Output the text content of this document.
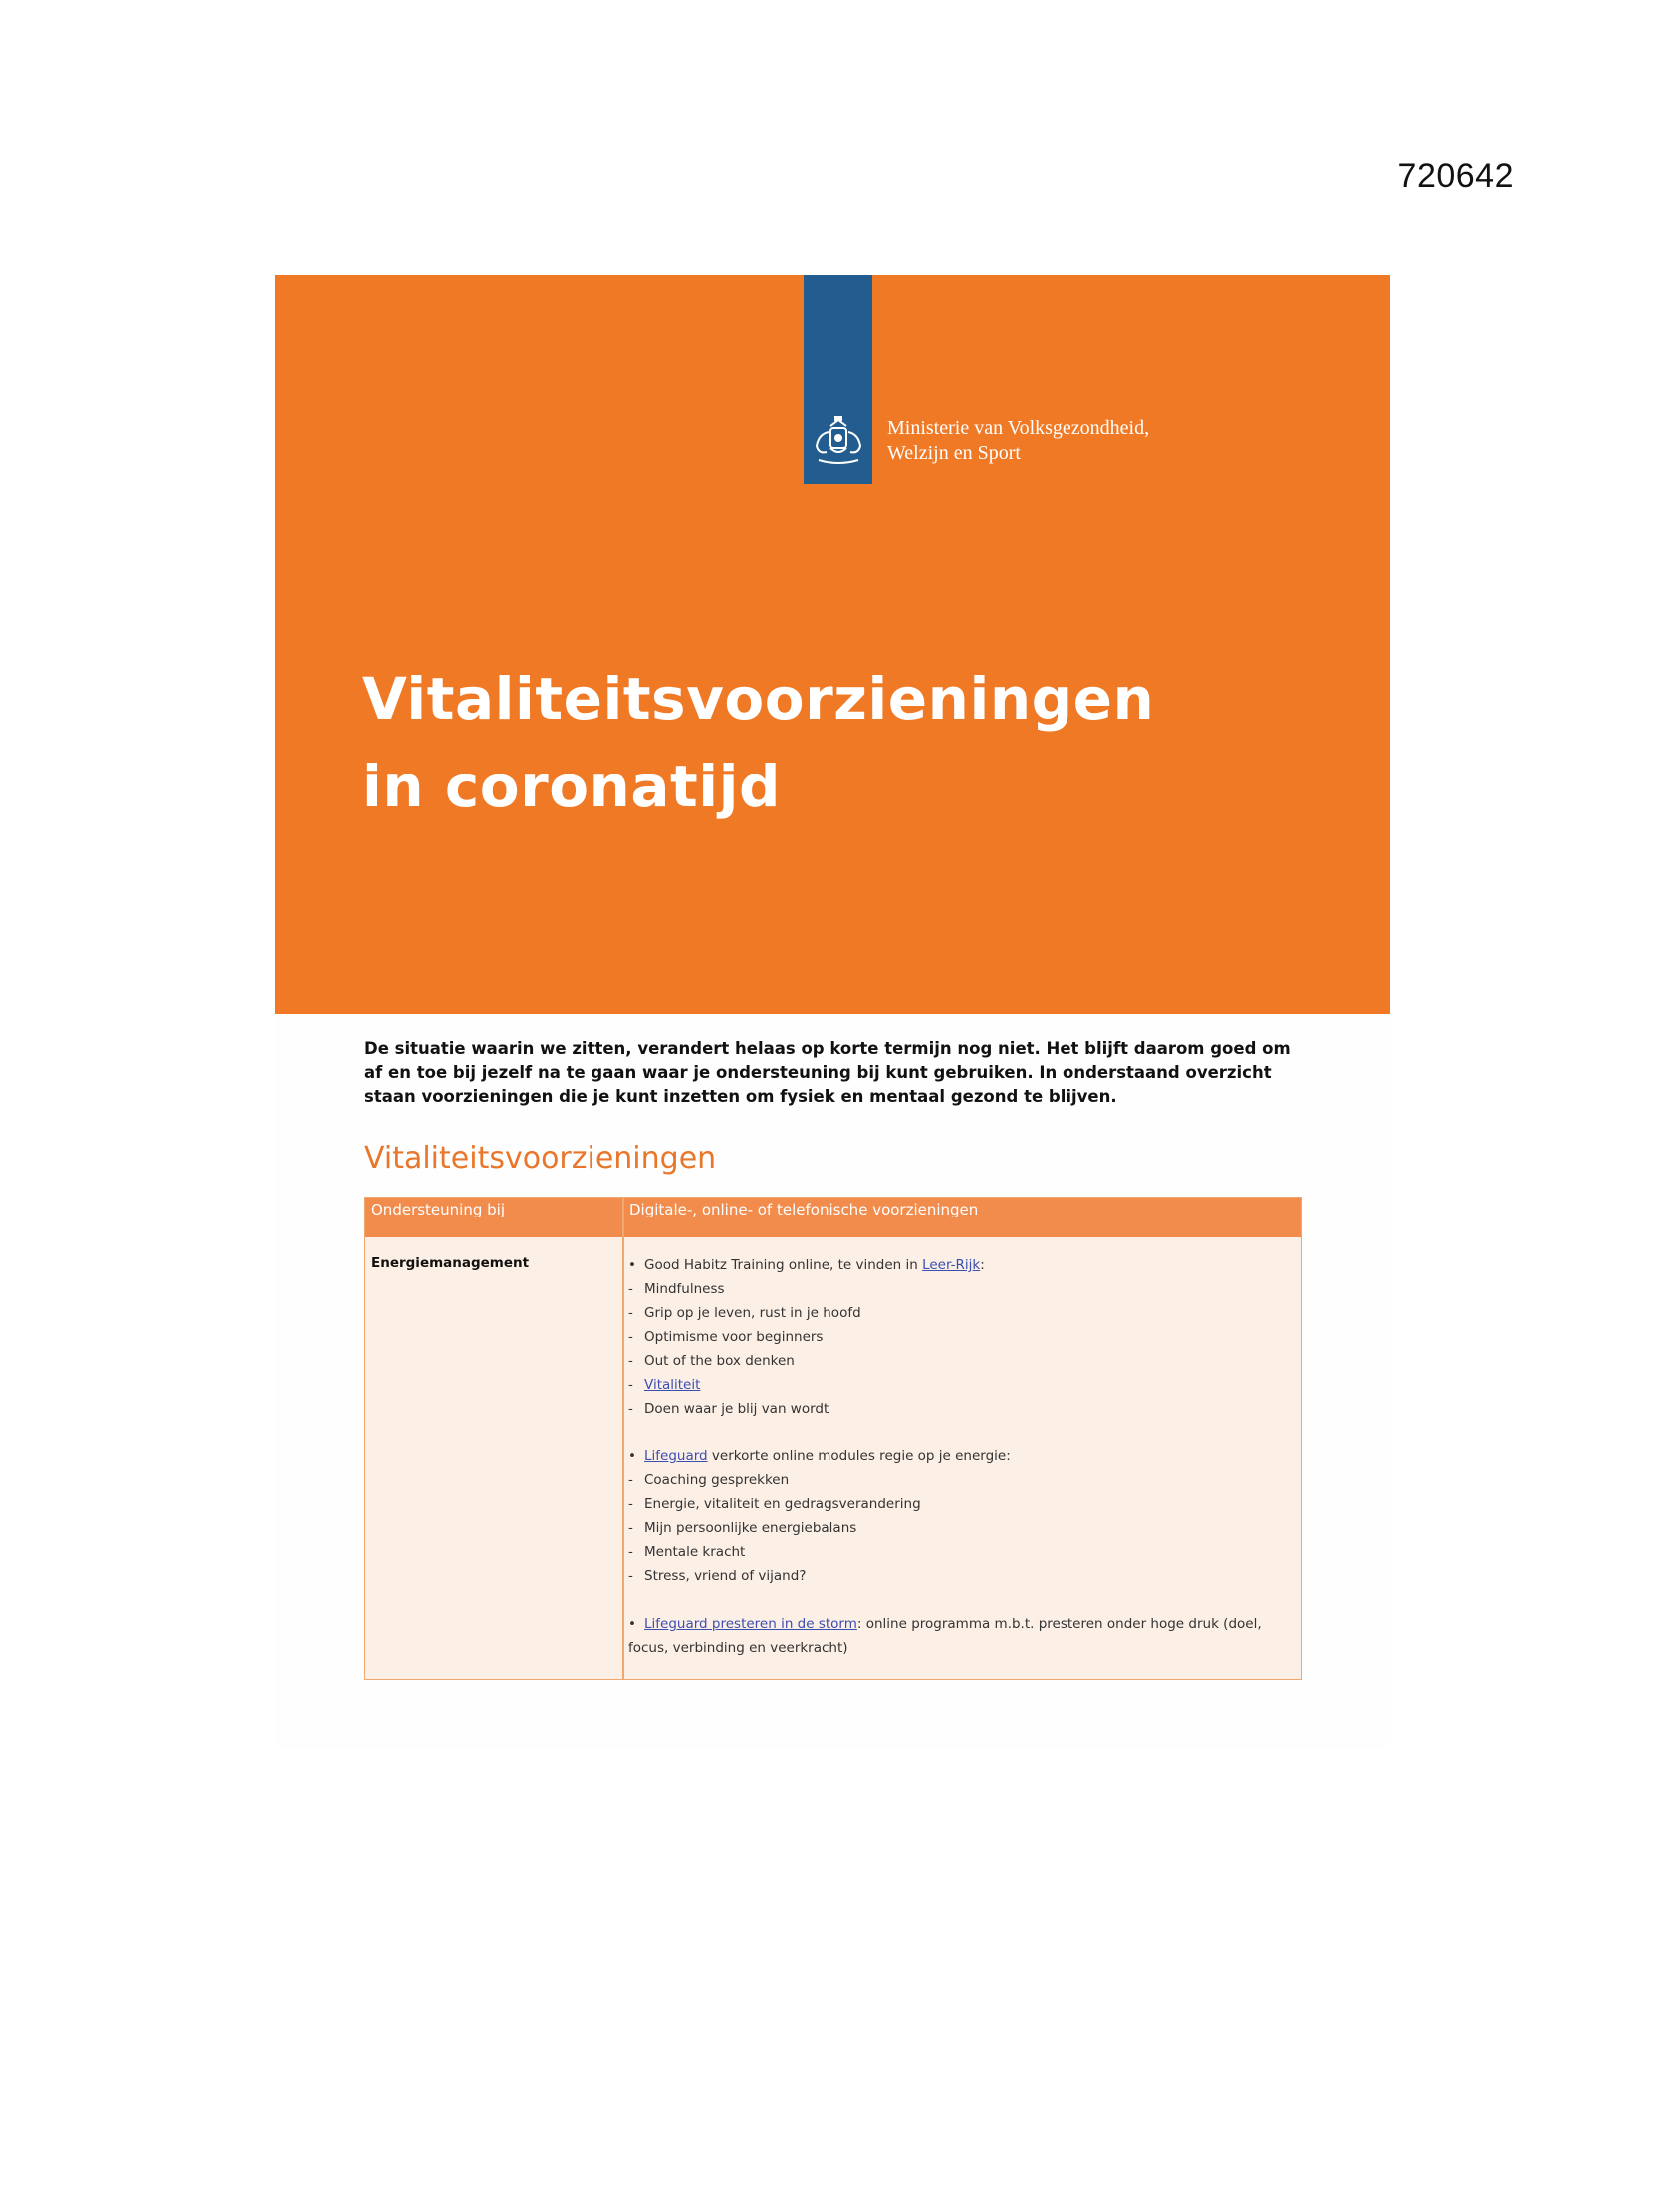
720642
Ministerie van Volksgezondheid,
Welzijn en Sport
Vitaliteitsvoorzieningen
in coronatijd

De situatie waarin we zitten, verandert helaas op korte termijn nog niet. Het blijft daarom goed om af en toe bij jezelf na te gaan waar je ondersteuning bij kunt gebruiken. In onderstaand overzicht staan voorzieningen die je kunt inzetten om fysiek en mentaal gezond te blijven.

Vitaliteitsvoorzieningen
Ondersteuning bij	Digitale-, online- of telefonische voorzieningen
Energiemanagement	• Good Habitz Training online, te vinden in Leer-Rijk:
- Mindfulness
- Grip op je leven, rust in je hoofd
- Optimisme voor beginners
- Out of the box denken
- Vitaliteit
- Doen waar je blij van wordt
• Lifeguard verkorte online modules regie op je energie:
- Coaching gesprekken
- Energie, vitaliteit en gedragsverandering
- Mijn persoonlijke energiebalans
- Mentale kracht
- Stress, vriend of vijand?
• Lifeguard presteren in de storm: online programma m.b.t. presteren onder hoge druk (doel, focus, verbinding en veerkracht)
